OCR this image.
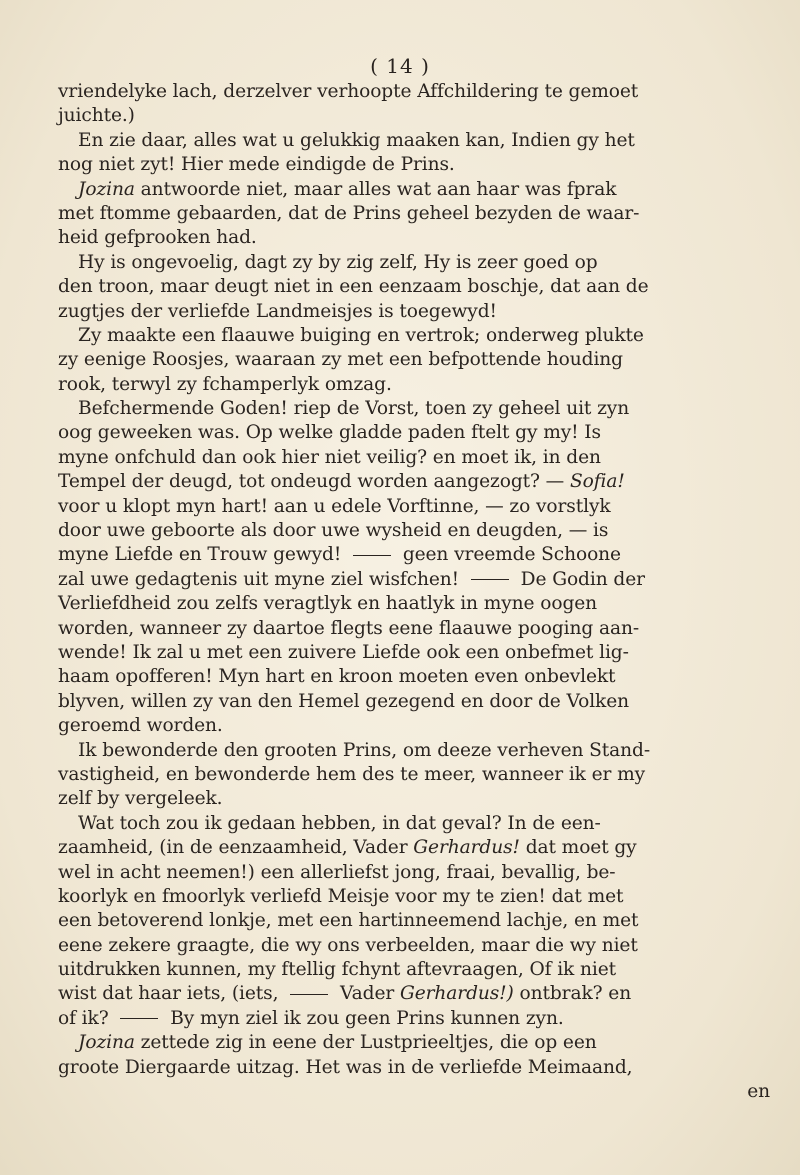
( 14 )
vriendelyke lach, derzelver verhoopte Affchildering te gemoet
juichte.)
En zie daar, alles wat u gelukkig maaken kan, Indien gy het
nog niet zyt! Hier mede eindigde de Prins.
Jozina antwoorde niet, maar alles wat aan haar was fprak
met ftomme gebaarden, dat de Prins geheel bezyden de waar-
heid gefprooken had.
Hy is ongevoelig, dagt zy by zig zelf, Hy is zeer goed op
den troon, maar deugt niet in een eenzaam boschje, dat aan de
zugtjes der verliefde Landmeisjes is toegewyd!
Zy maakte een flaauwe buiging en vertrok; onderweg plukte
zy eenige Roosjes, waaraan zy met een befpottende houding
rook, terwyl zy fchamperlyk omzag.
Befchermende Goden! riep de Vorst, toen zy geheel uit zyn
oog geweeken was. Op welke gladde paden ftelt gy my! Is
myne onfchuld dan ook hier niet veilig? en moet ik, in den
Tempel der deugd, tot ondeugd worden aangezogt? — Sofia!
voor u klopt myn hart! aan u edele Vorftinne, — zo vorstlyk
door uwe geboorte als door uwe wysheid en deugden, — is
myne Liefde en Trouw gewyd!	geen vreemde Schoone
zal uwe gedagtenis uit myne ziel wisfchen!	De Godin der
Verliefdheid zou zelfs veragtlyk en haatlyk in myne oogen
worden, wanneer zy daartoe flegts eene flaauwe pooging aan-
wende! Ik zal u met een zuivere Liefde ook een onbefmet lig-
haam opofferen! Myn hart en kroon moeten even onbevlekt
blyven, willen zy van den Hemel gezegend en door de Volken
geroemd worden.
Ik bewonderde den grooten Prins, om deeze verheven Stand-
vastigheid, en bewonderde hem des te meer, wanneer ik er my
zelf by vergeleek.
Wat toch zou ik gedaan hebben, in dat geval? In de een-
zaamheid, (in de eenzaamheid, Vader Gerhardus! dat moet gy
wel in acht neemen!) een allerliefst jong, fraai, bevallig, be-
koorlyk en fmoorlyk verliefd Meisje voor my te zien! dat met
een betoverend lonkje, met een hartinneemend lachje, en met
eene zekere graagte, die wy ons verbeelden, maar die wy niet
uitdrukken kunnen, my ftellig fchynt aftevraagen, Of ik niet
wist dat haar iets, (iets,	Vader Gerhardus!) ontbrak? en
of ik?	By myn ziel ik zou geen Prins kunnen zyn.
Jozina zettede zig in eene der Lustprieeltjes, die op een
groote Diergaarde uitzag. Het was in de verliefde Meimaand,
en
